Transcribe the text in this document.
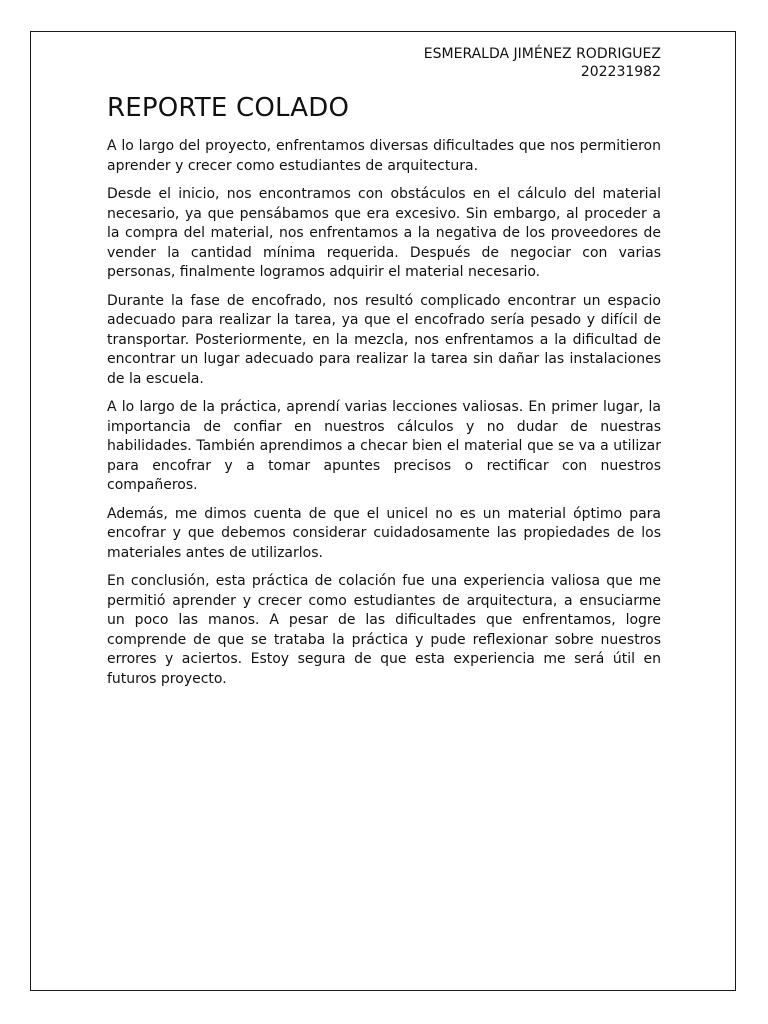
ESMERALDA JIMÉNEZ RODRIGUEZ
202231982
REPORTE COLADO

A lo largo del proyecto, enfrentamos diversas dificultades que nos permitieron aprender y crecer como estudiantes de arquitectura.

Desde el inicio, nos encontramos con obstáculos en el cálculo del material necesario, ya que pensábamos que era excesivo. Sin embargo, al proceder a la compra del material, nos enfrentamos a la negativa de los proveedores de vender la cantidad mínima requerida. Después de negociar con varias personas, finalmente logramos adquirir el material necesario.

Durante la fase de encofrado, nos resultó complicado encontrar un espacio adecuado para realizar la tarea, ya que el encofrado sería pesado y difícil de transportar. Posteriormente, en la mezcla, nos enfrentamos a la dificultad de encontrar un lugar adecuado para realizar la tarea sin dañar las instalaciones de la escuela.

A lo largo de la práctica, aprendí varias lecciones valiosas. En primer lugar, la importancia de confiar en nuestros cálculos y no dudar de nuestras habilidades. También aprendimos a checar bien el material que se va a utilizar para encofrar y a tomar apuntes precisos o rectificar con nuestros compañeros.

Además, me dimos cuenta de que el unicel no es un material óptimo para encofrar y que debemos considerar cuidadosamente las propiedades de los materiales antes de utilizarlos.

En conclusión, esta práctica de colación fue una experiencia valiosa que me permitió aprender y crecer como estudiantes de arquitectura, a ensuciarme un poco las manos. A pesar de las dificultades que enfrentamos, logre comprende de que se trataba la práctica y pude reflexionar sobre nuestros errores y aciertos. Estoy segura de que esta experiencia me será útil en futuros proyecto.
